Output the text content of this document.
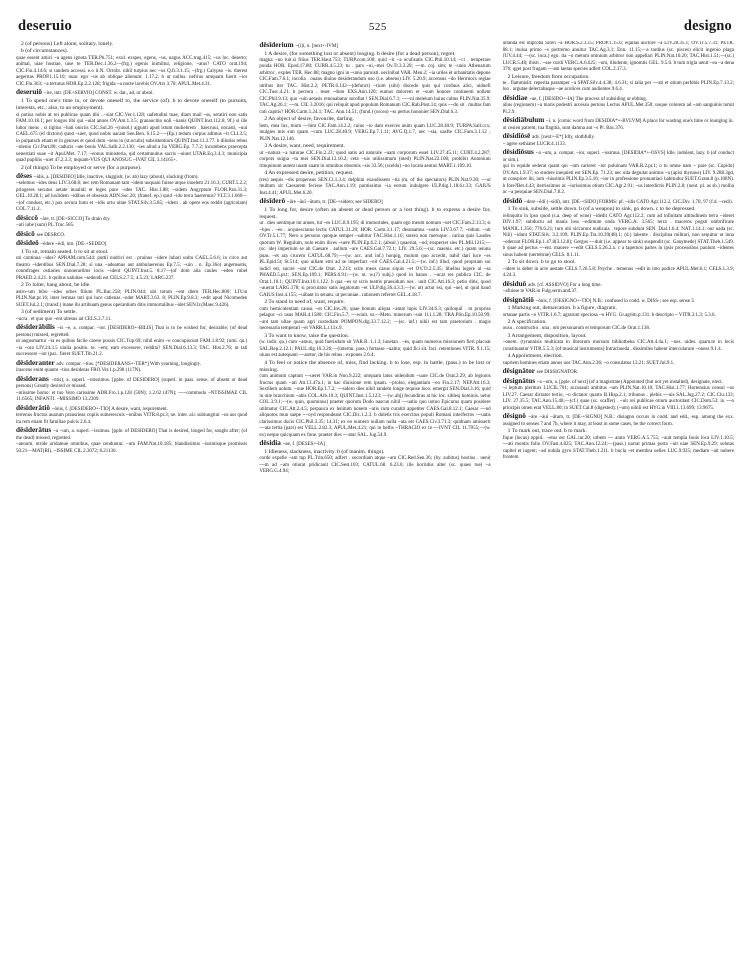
deseruio	525	designo
2 (of persons) Left alone, solitary, lonely.
b (of circumstances).
quae essent amici ~a agens ignota TER.Ph.751; exul. exspes, egens, ~us, uagus ACC.trag.415; ~us loc. deserto; animal, uiae hostiae, uise te TER.Dec.1.36.2—(frg.) egenis inimiltur, religione, ~atus? CATO orat.194; CIC.Fin.4.14.6; si tandem accessi. e.o it.N. Octobr. nihil turpius nec ~us Q.fr.3.1.15; ~(frg.) Calypso ~is. therest aegeritas PROP.1.15.10; nunc ego ~us ab oblique alienum: 1.17.2. b ut nullus. nefrius umquam fuerit ~ior CIC.Fin.363; ~a tertutus HOR.Ep.2.2.128; frigida ~a nocte iacebis OV.Ars 3.70; APUL.Met.4.31.
deseruiō ~īre, intr. [DE+SERVIO] CONST. w. dat., ad, or absol.
1 To spend one's time in, or devote oneself to, the service (of). b to devote oneself (to pursuits, interests, etc.; also, to an employment).
si potius nobis at rei publicae quam tibi ..~siat CIC.Ver.1.128; uafetudini tuae, diam mail ~ss, seratiri non satis FAM.10.18.1; per longos tibi qui ~uiat annos OV.Am.1.3.5; granaucitio noli ~nanis QUINT.Inst.112.6; 9f.) si ille luhor meus . si tiglius ~bati oniciis CIC.Sul.26 ~(niuol.) ajgunti apud istum muliebrem . haecruui, nocasti, ~uui CAEL.675 (ef dixtoru) quod ~uiet, quod nobis uacant Sen.Ben. 6.15.2—~(Ep.) tedum corpus adimus ~it CLI.3.5; in pulpatsch etiam et in genises et quod dum ~sens in (st.oculis) subsistentium QUINT.Inst.11.3.77. b dilutiss rebus ~nlenio Cic.Part.80; caducis ~ate bonis VAL.Salb.2.2.130; ~ies aliud a lia VERG.Ep. 7.7.2; incumbens praecepta uenestiati suae ~it Apul.Met. 7.17; ~eonus ministeria, qid certamnubus sacris ~uiunt UTAR.Eq.3.4.3; municipia quad puplilis ~uiet 47.2.3.3; mquam-VUS QUI ANOSUC ~IVAT CIL 3.14165+.
2 (of things) To be employed or serve (for a purpose).
dēses ~idis, a. [DESIDEO] Idle, inactive, sluggish; (w. ab) lazy (about), slacking (from).
~selemus ~ides deus LIV.3.68.8; nec rem Romanam tam ~idem uuquani fuisse atque inoelem 21.16.3; CURT.5.2.2; pringeres secutus aetate inualidi et leges pace ~ides TAC. Hist.1.88; ~sidem Angyptum FLOR.Pan.31.3; GEL.10.28.1; ad luxlidem ~idibus et obsessis ADN.Soc.26; (franef. ep.) quid ~ido terra haeremus? VLT.3.1.660—~(of condust, etc.) pax secura hutu et ~idis ortu uitae STAT.Silv.3.5.85; ~idem . ab opere eos reddit (agricolam) COL.7.11.2.
dēsiccō ~āre, tr. [DE+SICCO] To drain dry.
~ari iube (sum) PL.Truc.585.
dēsicō see DESRCO.
dēsideō ~ēdere ~ēdī, intr. [DE-+SEDEO]
1 To sit, remain seated. b to sit at stool.
uti continua ~ides? APRAM.com.544; pottii nudrici est . pruinus ~idere lubari uultu CAEL.5.6.6; in circo aut theatro ~identibus SEN.Dial.7.28; si una ~adeamus aut ambulaerenus Ep.7.5; ~uin . n. Ep.36o) angemsetis, conmfrages ostiaries unonerarilms locis ~ident QUINT.Inst.5. 8.17—(of dom alia caules ~edeo rubel PRAED.2.4.21. b quibus ualuitas ~sedendi est CELS.2.7.5; 4.5.23; LARG.237.
2 To loiter, hang about, be idle.
astro~um bibo ~ides urbes filium PL.Bac.258; PLIN.044; ubi totum ~ent diem TER.Hec.800; LIV.in PLIN.Nat.pr.16; inter lemnas toti qui luce catlenas ~ndet MART.3.63. 8; PLIN.Ep.9.8.3; ~edit apud Nicomeden SUET.Jul.2.1; (transf.) inane ibi artibuam genus operantium ditis immortalibus ~idet SEN.Ir.(Maec.9.426).
3 (of sediment) To settle.
~ucra . et quo quo ~ent uitesus ad CELS.2.7.11.
dēsīderābilis ~is ~e, a. compar. ~ior. [DESIDERO+-BILIS] That is to be wished for, desirable; (of dead persons) missed, regretted.
ut angusmartur ~ia es quibus facile carere possis CIC.Tup.69; nihil enim ~e concupiscunt FAM.1.8.92; (umi. qu.) ~ia ~ora LIV.24.3.5 uiulia positio. te. ~em; eam excessere, reddita? SEN.Dial.6.13.3; TAC. Hist.2.76; ut tali successore ~ior (par.. fieret SUET.Tib.21.2.
dēsīderanter adv. compar. ~tius. [*DESIDERANS+-TER*] With yearning, longingly.
irascens enim quanto ~tius desideras FRO.Ver.1.p.298 (117N).
dēsīderans ~ntis), a. superl. ~ntissimus. [ppbe. of DESIDERO] (superl. in pass. sense, of absent or dead persons) Greatly desired or missed.
~ntissime homo: et tuo Vero carissime ADR.Fro.1.p.128 (50N); 1.2.62 (47N); ~~~commodo ~NTISSIMAE CIL 11.6565; INFANTI. ~MISSIMO 13.2309.
dēsīderātiō ~ōnis, f. [DESIDERO+-TIO] A desire, want, requirement.
terrenus fructus auarum prausrieas cupiis sumeresculs ~onibus VITR.8.pr.3; ne. inter. al.i subiungitur ~us aut quod ita rem etiam fit familiae pulcis 2.6.4.
dēsīderātus ~a ~um, a. superl. ~issimus. [pple. of DESIDERO] That is desired, longed for, sought after; (of the dead) missed, regretted.
~anoum. utride aridamue omnibus, quae cenduntur. ~um FAM.Nat.10.185; blandissimis ~issimisque promissis 50.21—MAT(RI). ~ISSIME CIL 2.3072; 8.21136.
dēsīderium ~(i)ī, n. [next+-IVM]
1 A desire, (for something lost or absent) longing. b desire (for a dead person), regret.
magna ~no luit.si filius TER.Haut.753; TURP.com.100; quid ~it ~a oculisatis CIC.Phil.10.14; ~ci . temperare pouda HOR. Epod.17.80; CURR.4.5.23; tu . pars ~ui,~mei Ov.Tr.3.3.20; ~~m. coj. sim; te ~unio Athenarum arbitror . exples TER. Hec.88; magno igni in ~unio paruisti. uecinibat VAR. Men.2; ~ia uriles et urbanitatis depone CIC.Fam.7.6.1; incolla . ouans diuino desiderandum uso (i.e. absens) LIV. 5.20.9; accensus ~do Hermiocs regiae utribus iter TAC. Hist.2.2; PETR.6.142—(defunct) ~tium (sibi) discedo quis qui corduus alici, uiduefi CIC.Tusc.4.21. b pectora . teset ~dum EXS.Ann.120; eumus dolorem et ~sum honore continenti nollent CIC.Phil.9.13; quo ~uin aetasis renouabatur sorofiat ! SEN.Dial.6.7.1; ~~~ni meleium huius cultus PLIN.Nat.35.9; TAC.Ag.26.1; ~~m. CIL 3.2016; qui reliquit apud populum Romanum CIC.Rab.Post.14; quis ~~do sit . multas fam cuti capitis? HOR.Carm.1.24.1; TAC. Ann.14.51; (fund.) (urcea) ~ss pertus hononier SEN.Dial.6.3.
2 An object of desire, favourite, darling.
hem, mea lux, mum ~~him CIC.Fam.14.2.2; cuius ~io dam exerces anim quam LUC.28.40.9; TURPA.Sall.ccx; inulgies mis sim quam ~cum LUC.28.40.9; VERG.Ep.7.1.11; AVG.Q.1.7, nec ~sia, uasfte CIC.Fam.3.1.12 ; PLIN.Nat.12.146.
3 A desire, want, need, requirement.
ut ~natura ~a naturae CIC.Fin.2.23; quod satis ad naturale ~uam corporum esset LIV.27.45.11; CURT.4.2.287; corpors suigia ~ta mei SEN.Dial.12.10.2; ceta ~uis utilissimum (med) PLIN.Nat.22.108; probibit Antonium trinquinum autem uuam suam in omnibus obsomis ~sis 33.56; (scelda) ~no locata aeutus MART.1.109.10.
4 An expressed desire, petition, request.
(res) aequis ~dis propensus SEN.Cl.1.3.4; delphini exaudissent ~tia (m. of the spectators) PLIN.Nat.9.30; ~~ul multum sit Caesarem fecisse TAC.Ann.1.19; pontissimo ~ia eorum indulgere ULP.dig.1.18.6.t.33; GAIUS Inst.4.41; APUL.Met.6.20.
dēsīderō ~āre ~āuī ~ātum, tr. [DE-+sidero; see SIDERO]
1 To long for, desire (often an absent or dead person or a lost thing). b to express a desire for, request.
ut . dies uentitque tut annes, tut ~es LUC.8.9.195; di immortales, quam ego meum nomum ~uet CIC.Fam.2.13.3; si ~hjes . ~eo . acquiesciatus lectis CATUL.31.20; HOR. Carm.3.1.17; desunamus ~uotis LIV.3.67.7; ~ndum. ~uit OV.Tr.5.1.77; Nero a persono quoque semper ~sabitur TAC.Hist.1.16; sotero non meruque . cariua quis Laudes quorum W. Regulum, nolo enim ilices ~uere PLIN.Ep.6.2.1; (absol.) quaeriat, ~od, exspectet sies PL.Mil.1215;—(sc. ide) imperium se ab Caesare . aullum ~are CAES.Gal.7.72.1; LIV. 29.5.6;—(sc. maenis. etc.) quam ieiuna puas. ~et ara crucem CATUL.68.79;—~(w. acc. and inf.) honpig, mulum quo accedit, nahil dari luce ~es PL.Epid.5t; St.514; quo uiliam emi ad se imperfact ~eit CAES.Gal.4.21.5;—(w. inf.) illud, quod propriam sui iudici est, sucire ~unt CIC.de Orat. 2.213; scire meos casus siquis ~et OV.Tr.2.5.45; libellos legere al ~sa PHAED.5.pr.t; SEN.Ep.109.1; PERS.6.91;—(w. ut. w.(?) subj.) quod in hanos . ~ucat res publica CIC. de Orat.1.10.1; QUINT.Inst.10.1.122. b qua ~es ut scris teatris praesidum nos . uult CIC.Att.16.3; petio ditis, quod ~auerat LARG.178; si procuratur satis iegatorum ~et ULP.dig.36.4.3.3;—(w. ut) actur esi, qui ~uel, ut quid haud GAIUS Inst.4.155; ~uibant in senatu. ut pecuniae.. rationem referret GEL.4.18.7.
2 To stand in need of, want, require.
cum hemiculentam causa. ~et CIC.Inv.26; quae bonum aliqua ~amat lupis LIV.34.6.3; quiloquil . m propriss pelagus ~ci usus MAR.4.1580; CIC.Fin.5.7; ~~wiuit. ut.—Metu. minerum ~unt 111.1.28; TRA.Plin.Ep.10.50.99; ~ant tam ullae quam agri custodiam POMPON.dig.33.7.12.2; —(sc. inf.) nihil est tam praetorium . magis necessaria temperari ~et VARR.L.r.11x.9.
3 To want to know, raise the question.
(w. indir. qu.) cum ~amus, quid fuerisdum sit VAR.R. 1.1.3; lunetan . ~es, quam numerus missionem fieri placuat SAL.Rep.2.12.1; PAUL.dig.16.3.26;—(internn. pass.) fortasse ~ualtur, quid fici sit. faci. retentiones VITR. 9.1.15; uiuus est autequam ~~aretur, de his rebus . expones 2.6.4.
4 To feel or notice the absence of, miss, find lacking. b to lose, esp. in battle, (pass.) to be lost or missing.
cum animum captum ~~ueret VAR.in Non.9.222; umquam latus uidendum ~uare CIC.de Orat.2.29; ab legionis fructus quam ~ati Att.13.47a.1; in hac diuisione rem ipsam. ~prolso, elegantiam ~eo Fin.2.17; NEP.Att.16.3; Sextilem uolum. ~oue HOR.Ep.1.7.2; ~~sidero dies nihil tandem longe requise loco. emergit SEN.Dial.3.16; quid in uite bracchium ~abis COL.Arb.10.3; QUINT.Inst.1.5.123; —(w. abj) fecundiras at hic loc. siblesj hominis. uetur COL.3.9.1;—(w. quin, quominus) praeter quorum Dodo nascun nihil ~~uatio quo uotuo Epicurus quam posidere utilmatur CIC.Att.2.4.5; perpauca ex lenitum nonem ~atis cum curatiti appetiter CAES.Gal.8.12.1; Caesar ~~nd aliquotos mun saepe ~~oyd respondeant CIC.Dic.1.2.3. b doletis tris exercitus populi Romani interfectos ~~uatis clarissimus ducis CIC.Phil.3.35; 14.31; ex eo numero nullam nulla ~ata est CAES.Civ.3.71.3; quidnam amisserit ~~ata tertia (pars) est VELL.2.82.3; APUL.Met.4.21; qui in bellis ~THRACIO ex te ~~IVNT CIL 11.7055;—(w. ex) neque quicquam ex fone. praeter dies ~~atur SAL. Jug.54.9.
dēsidia ~ae, f. [DESES+-IA]
1 Idleness, slackness, inactivity. b (of inanim. things).
corde expelle ~am tup PL.Trin.650; adfert . socordiam atque ~am CIC.Red.Sen.36; (by. subitus) hostius . uenir ~~m ad ~am otiurat pridicauit CIC.Sest.103; CATUL.68. 6.23.6; ille horridus alter (sc. quaes tue) ~a VERG.G.4.94;
uitanda est improba Siren ~a HOR.S.2.3.15; PROP.1.15.6; equitas auctore ~a LIV.28.35.1; OV.Tr.5.7.31; PETR. 88.1; inulsa primo ~s portremo anuitur TAC.Ag.3.1; Enn. 11.15;—a tardius (sc. pisces) elicit ingenio plaga JUV.4.44; —(sc. loca.) ego. ita ~o metum omnium arbitror non appellari PLIN.Nat.10.20; TAC.Hist.1.51;—(sc.) LUCR.5.48; ibisti . ~sse curdi VERG.A.6.625; ~um, illudente, ignomtis GEL. 9.5.6. b tum trigla uenit ~ea ~a dena 376; qget post frugam ~~am laetas species adfert COL.2.17.3.
2 Leisure, freedom from occupation.
te . flammislit. reperita paramper ~a SPAT.Silv.4.4.38; 4.6.31; si talia per ~~ati et otium perfebis PLIN.Ep.7.13.2; luo . argutae delectabaque ~ae acolices cum audientes 9.6.4.
dēsidiae ~ae, f. [DESIDO+-IA] The process of subsiding or ebbing.
alius (regionem) ~a maris podestri accessu pernius Lectus APUL.Met.350; uoque colorem ad ~am sanguinis tumit Pl.2.9.
dēsidiābulum ~ī, n. [comic word from DESIDIA*+-BVLVM] A place for wasting one's time or lounging in.
ut cesien patrem; tua flagitia, sunt damna aut ~s Pl. Bac.376.
dēsidiōsē adv. [next+-E*] Idly, slothfully.
~ agere sethiatet LUCR.4.1133.
dēsidiōsus ~a ~um, a. compar. ~ior, superl. ~issimus. [DESIDIA*+-OSVS] Idle, indolent, lazy. b (of conduct or sim.).
qui in equide sederat quam qui ~um carleret ~ior puluinant VAR.R.2.pr.1; o tu omne nam ~ pare (sc. Cupido) OV.Am.1.9.37; so studere inequieti est SEN.Ep. 71.23; nec uita deguitat animus ~a (apisi thynnus) LIV. 9.288.3gd, ut conspicer ibi, ium ~hissimis PLIN.Ep.3.5.16; ~ior in professione pronuntiaci habitudur SUET.Gram.8 (p.108N). b fore?Bet.4.43; iterrissimus ac ~iorissimus otium CIC.Agr.2.91; ~us interdictis PLIN.2.8; (neut. pl. as sb.) mollia ac ~a pesquiae SEN.Dial.7.8.2.
dēsīdō ~dere ~ēdī (~sīdī), intr. [DE-+SIDO] FORMS: pf. ~idis CATO Agr.112.2, CIC.Div. 1.78, 97 (f.d. ~cedi).
1 To sink, subside, settle down. b (of a weapon) to sink, go down. c to be depressed.
relinquitu in ipso quod (s.a. deep of wine) ~idedit CATO Agr.112.2; cum ad infinitam altitudinem terra ~ideret DIV.1.97; subductu ad manis loss ~edimum unda VERG.A. 3.565; terra . maceros pogsti umbrificate MANIL.1.356; 776.6.21; turn ubi siccarunt nudicaia . tepore subdunt SEN. Dial.1.6.4; NAT.1.14.1; our uada (sc. Nili) ~idunt STAT.Silv. 3.2.109; PLIN.Ep.Tra.10.39(48).1; (d.) labente . disciplina militari, non sequitur ut inna ~ederunt FLOR.Ep.1.47.8(3.12.8); Gergus ~~duit (i.e. appear to sink) suspendit (sc. Ganymede) STAT.Theb.1.549. b quae ad pectus ~~ent. mauere ~~edit CELS.5.26.2.a. c a tapernos partes in ipsis processibus paulum ~identes sinus habent (uertebrae) CELS. 8.1.11.
2 To sit down. b to go to stool.
~idere is debet in acre aestate CELS.7.26.5.8; Psyche . temenus ~edit in imo podice APUL.Met.6.1; CELS.1.3.9; 4.24.3.
dēsiduō adv. [cf. ASSIDVO] For a long time.
~afuisse te VAR.in Fulg.serm.and.37.
dēsignātiō ~ōnis, f. [DESIGNO+-TIO] N.B.: confused in codd. w. DISS-; see esp. sense 3.
1 Marking out, demarcation. b a figure, diagram.
ortanae partis ~o VITR.1.6.7; agrarum speciosa ~o HYG. Gr.agrim.p.131. b descripto ~ VITR.3.1.3; 5.3.6.
2 A specification.
ousu . constructio . una . om personarum et temporum CIC.de Orat.1.138.
3 Arrangement, disposition, layout.
~onem. (tyrannisis multicata in librorum morsum bibliotheka CIC.Att.4.4a.1; ~nes. uides. quam.te in locis constituantur VITR.5.5.3; (of musical instruments) Intrachoeda . dissimiles habent intercularum ~oness 9.1.4.
4 Appointment, election.
supriem homines etiam annos uos TAC.Ann.2.36; ~o consulatus 13.21; SUET.Jul.9.1.
dēsignātor see DISSIGNATOR.
dēsignātus ~a ~um, a. [pple. of next] (of a magistrate) Appointed (but not yet installed), designate, elect.
~i leptum pleriturs LUCIL.701; accusauit ambitus ~um PLIN.Nat.10.10; TAC.Hist.1.77; Hortensius consul ~us LIV.27. Caesar dictator tertio, ~o dictator quarto B.Hisp.2.1; tribunus . plebis ~~uis SAL.Jug.27.2; CIC.Clu.133; LIV. 27.35.5; TAC.Ann.15.46;—(cf.) quae (sc. scaffer) . ~uit rei publicae otium auctoritast CIC.Dom.53; in ~~o principis omen erat VELL.80; in SUET.Cal.8 (digested); (~um) nihili est HYG.in VIII.1.13.699; 13.9675.
dēsignō ~āre ~āuī ~ātum, tr. [DE-+SIGNO] N.B.: disiagno occurs in codd. and edd., esp. among the exx. assigned to senses 7 and 7b, where it may, at least in some cases, be the correct form.
1 To mark out, trace out. b to mark.
fique (locus) oppid.. ~etus est GAL.iur.20; urbem ~~ arato VERG.A.5.755; ~auit templa Iouis loca LIV.1.10.5; ~~ati montis folio OV.Fast.4.825; TAC.Ann.12.24;—(pass.) narrat primas porta ~uit uiae SEN.Ep.9.29; solutas capitel et iugent; ~ad nubila gyro STAT.Theb.1.211. b bucla ~et membra uelles LUC.9.925; mediam ~ait nubere frontem
